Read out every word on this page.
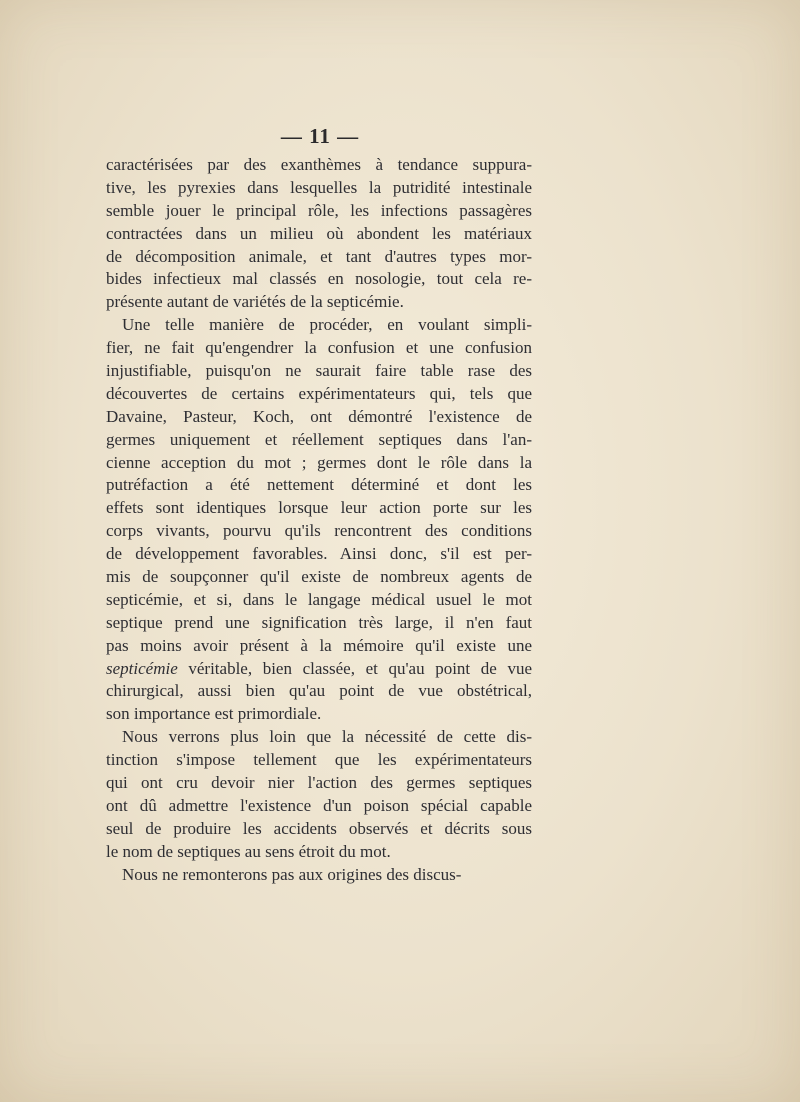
— 11 —
caractérisées par des exanthèmes à tendance suppura-
tive, les pyrexies dans lesquelles la putridité intestinale
semble jouer le principal rôle, les infections passagères
contractées dans un milieu où abondent les matériaux
de décomposition animale, et tant d'autres types mor-
bides infectieux mal classés en nosologie, tout cela re-
présente autant de variétés de la septicémie.
Une telle manière de procéder, en voulant simpli-
fier, ne fait qu'engendrer la confusion et une confusion
injustifiable, puisqu'on ne saurait faire table rase des
découvertes de certains expérimentateurs qui, tels que
Davaine, Pasteur, Koch, ont démontré l'existence de
germes uniquement et réellement septiques dans l'an-
cienne acception du mot ; germes dont le rôle dans la
putréfaction a été nettement déterminé et dont les
effets sont identiques lorsque leur action porte sur les
corps vivants, pourvu qu'ils rencontrent des conditions
de développement favorables. Ainsi donc, s'il est per-
mis de soupçonner qu'il existe de nombreux agents de
septicémie, et si, dans le langage médical usuel le mot
septique prend une signification très large, il n'en faut
pas moins avoir présent à la mémoire qu'il existe une
septicémie véritable, bien classée, et qu'au point de vue
chirurgical, aussi bien qu'au point de vue obstétrical,
son importance est primordiale.
Nous verrons plus loin que la nécessité de cette dis-
tinction s'impose tellement que les expérimentateurs
qui ont cru devoir nier l'action des germes septiques
ont dû admettre l'existence d'un poison spécial capable
seul de produire les accidents observés et décrits sous
le nom de septiques au sens étroit du mot.
Nous ne remonterons pas aux origines des discus-
